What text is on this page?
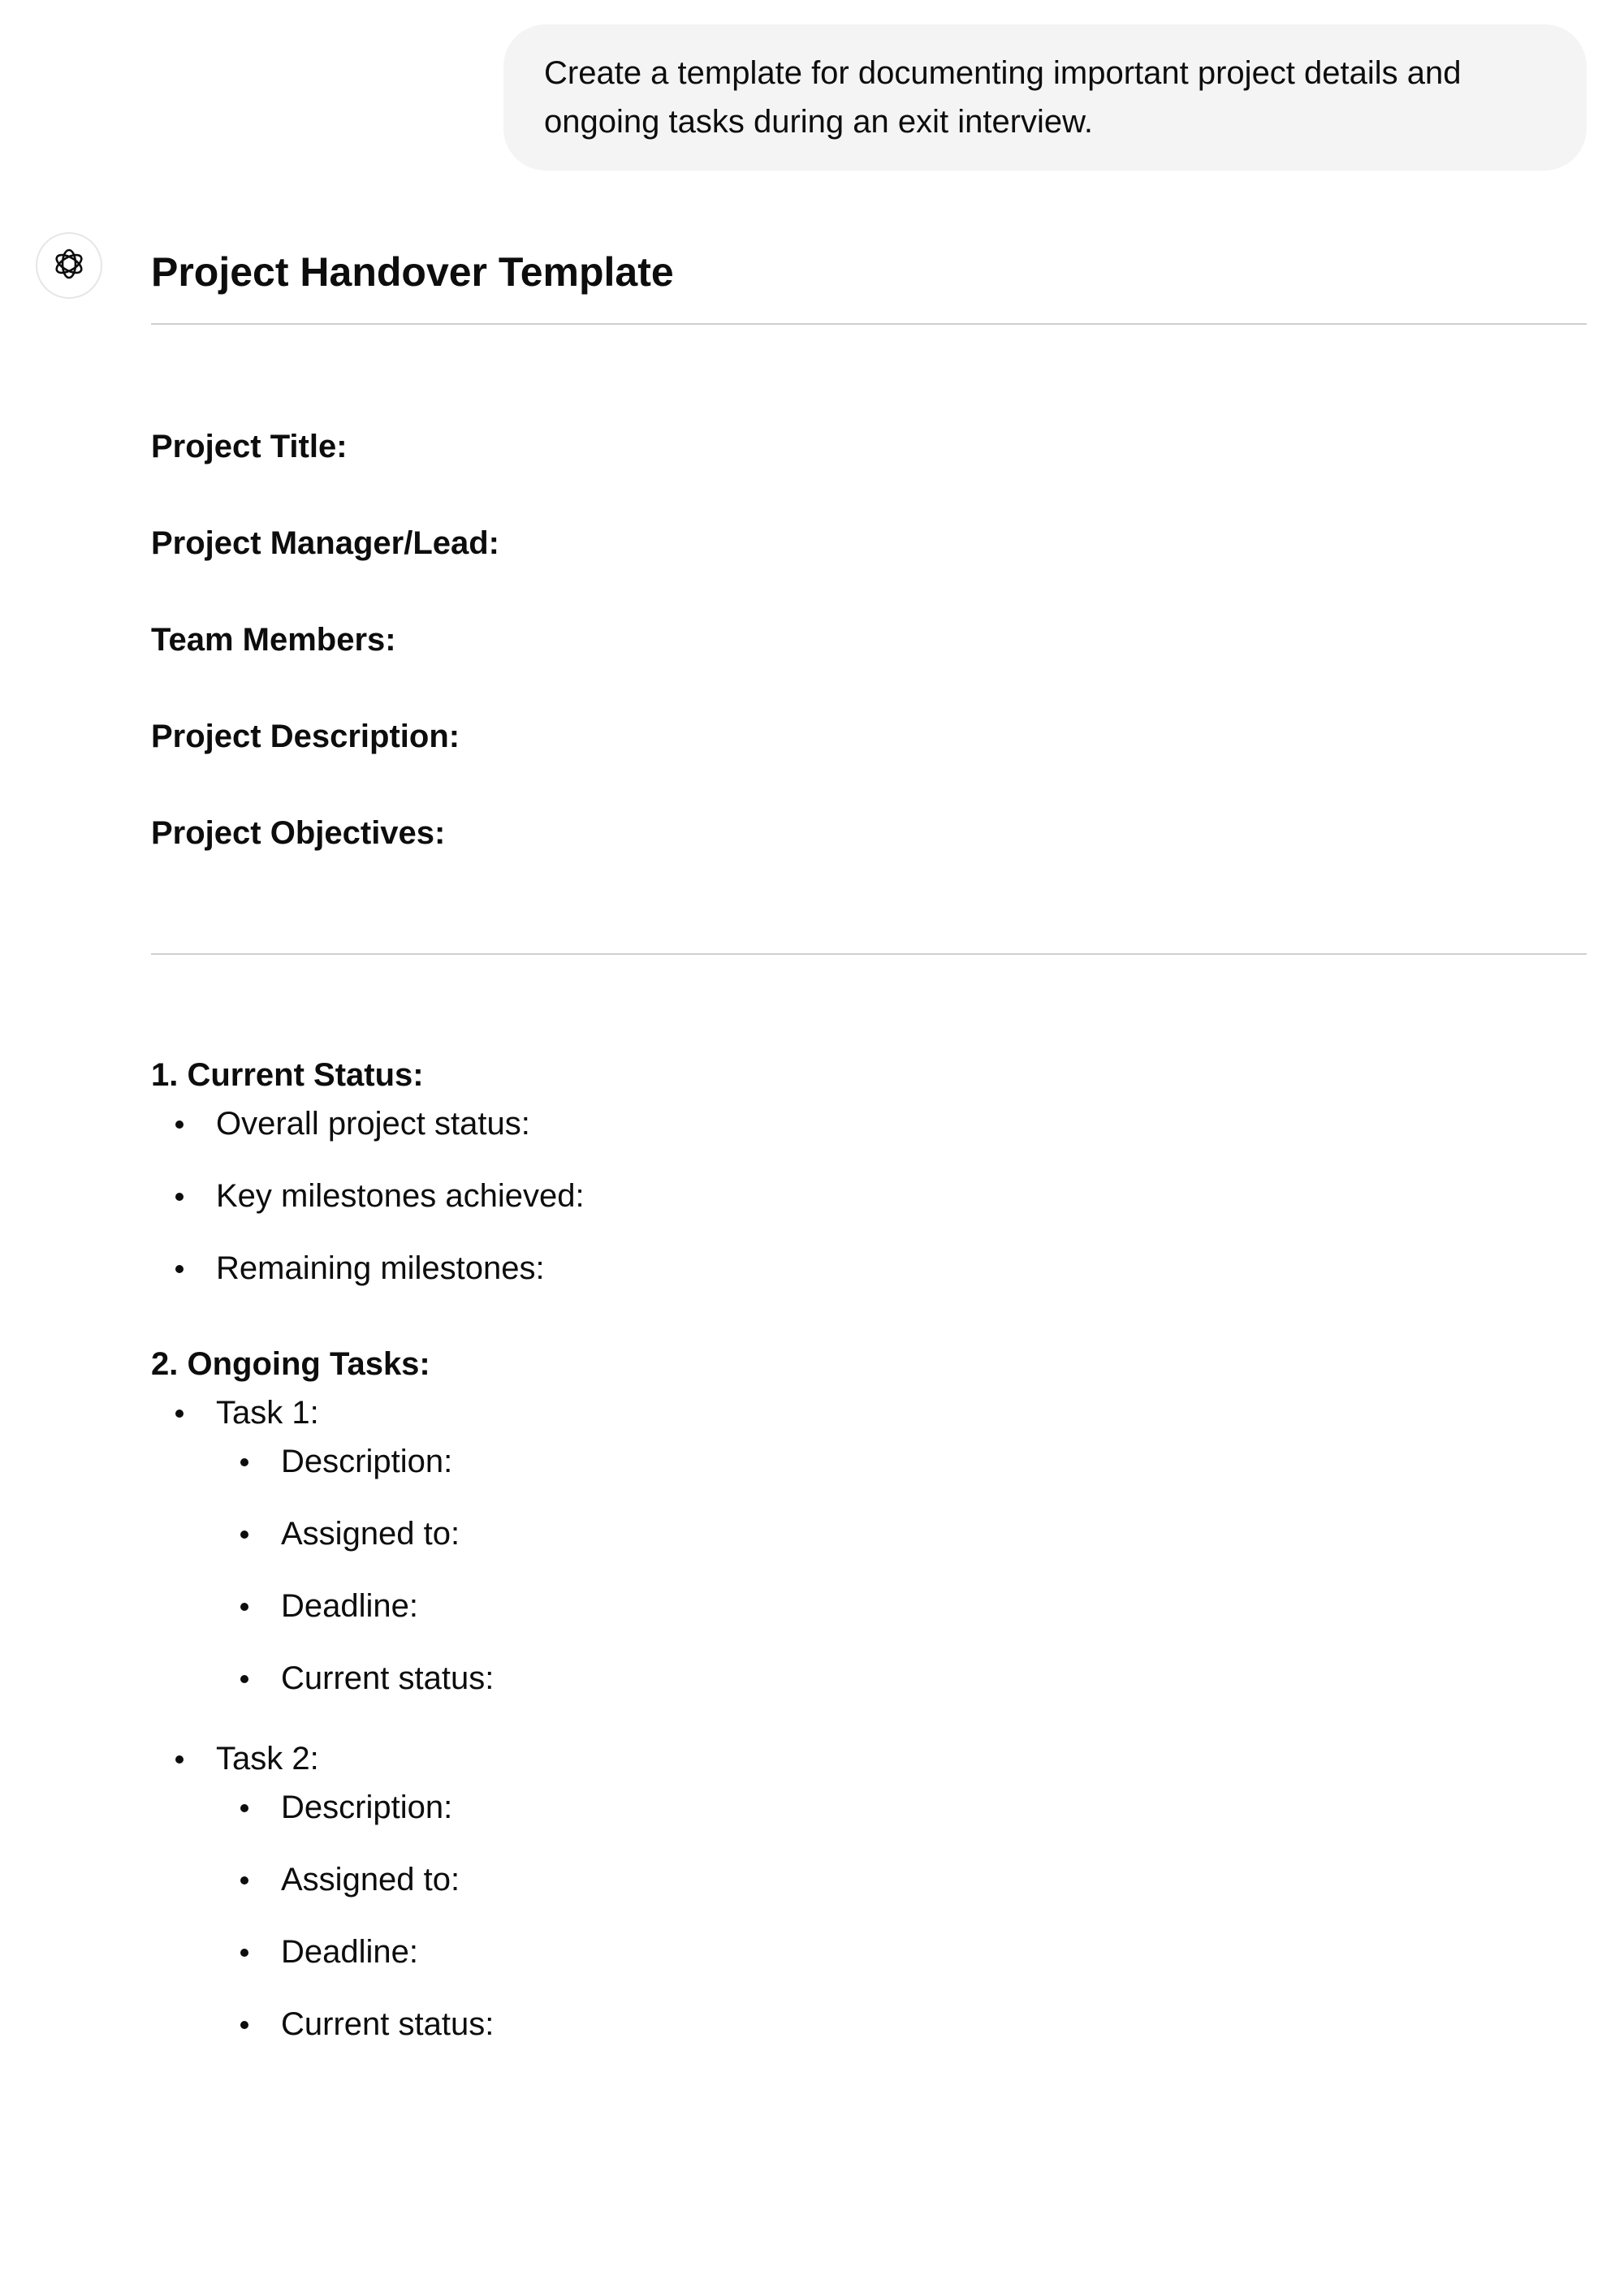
Create a template for documenting important project details and ongoing tasks during an exit interview.
Project Handover Template
Project Title:
Project Manager/Lead:
Team Members:
Project Description:
Project Objectives:
1. Current Status:
Overall project status:
Key milestones achieved:
Remaining milestones:
2. Ongoing Tasks:
Task 1:
Description:
Assigned to:
Deadline:
Current status:
Task 2:
Description:
Assigned to:
Deadline:
Current status:
